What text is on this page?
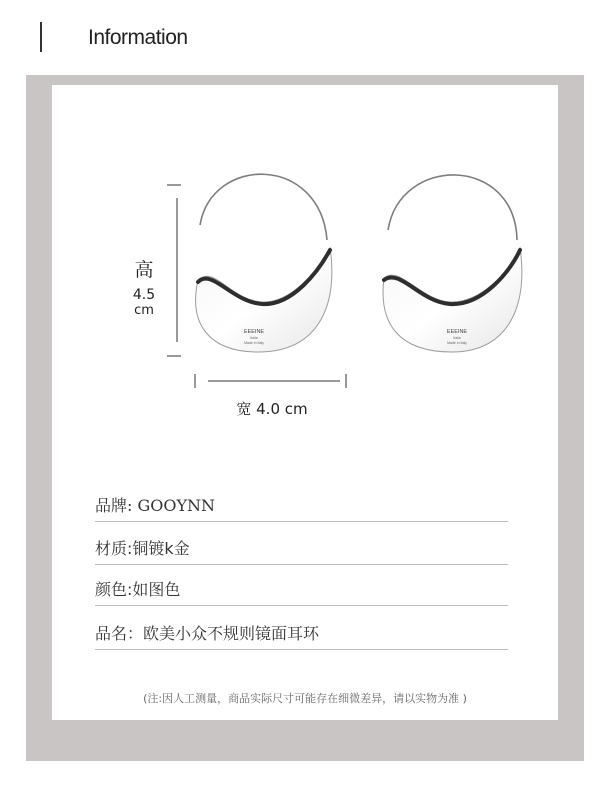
Information
EEEINE
Italia
Made in Italy
EEEINE
Italia
Made in Italy
高
4.5
cm
宽 4.0 cm
品牌: GOOYNN
材质:铜镀k金
颜色:如图色
品名：欧美小众不规则镜面耳环
(注:因人工测量，商品实际尺寸可能存在细微差异，请以实物为准 )
